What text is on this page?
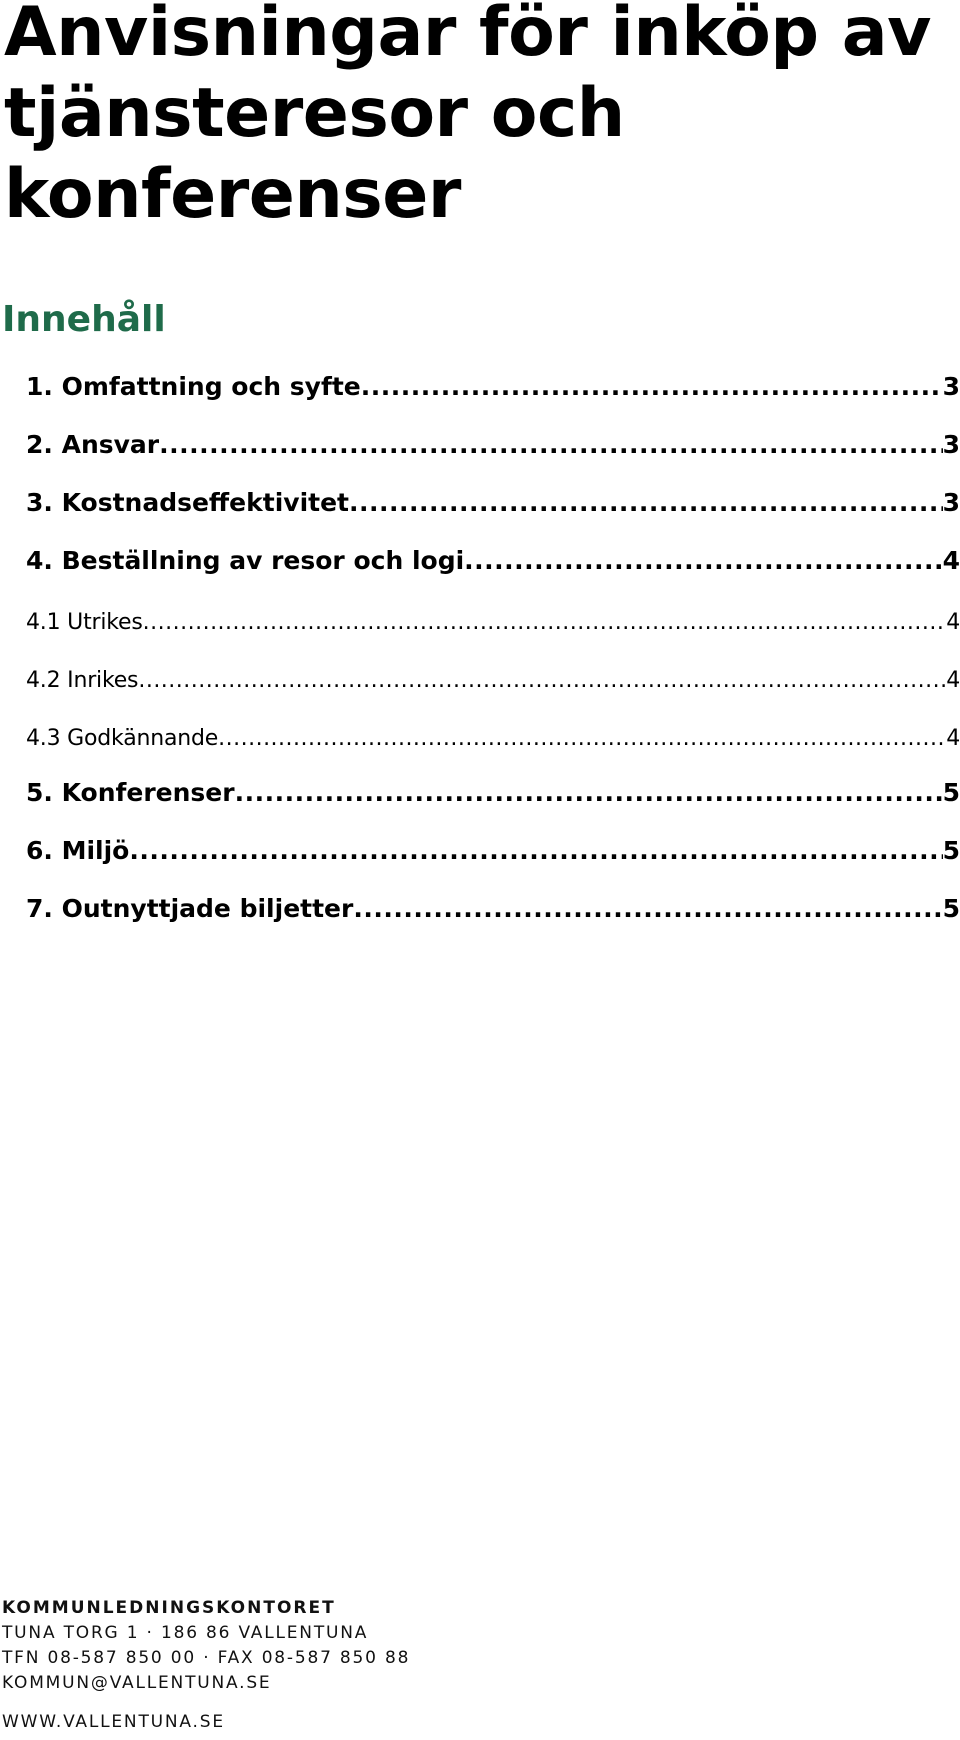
Anvisningar för inköp av tjänsteresor och konferenser
Innehåll
1. Omfattning och syfte .....	3
2. Ansvar .....	3
3. Kostnadseffektivitet .....	3
4. Beställning av resor och logi .....	4
4.1 Utrikes .....	4
4.2 Inrikes .....	4
4.3 Godkännande .....	4
5. Konferenser .....	5
6. Miljö .....	5
7. Outnyttjade biljetter .....	5
KOMMUNLEDNINGSKONTORET
TUNA TORG 1 · 186 86 VALLENTUNA
TFN 08-587 850 00 · FAX 08-587 850 88
KOMMUN@VALLENTUNA.SE
WWW.VALLENTUNA.SE
